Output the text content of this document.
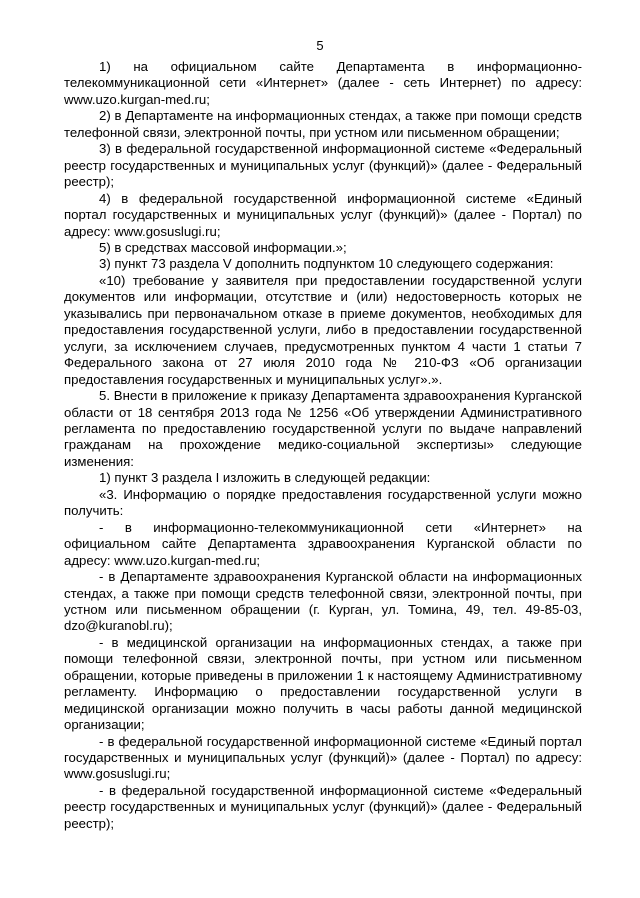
5

1) на официальном сайте Департамента в информационно-телекоммуникационной сети «Интернет» (далее - сеть Интернет) по адресу: www.uzo.kurgan-med.ru;

2) в Департаменте на информационных стендах, а также при помощи средств телефонной связи, электронной почты, при устном или письменном обращении;

3) в федеральной государственной информационной системе «Федеральный реестр государственных и муниципальных услуг (функций)» (далее - Федеральный реестр);

4) в федеральной государственной информационной системе «Единый портал государственных и муниципальных услуг (функций)» (далее - Портал) по адресу: www.gosuslugi.ru;

5) в средствах массовой информации.»;

3) пункт 73 раздела V дополнить подпунктом 10 следующего содержания:

«10) требование у заявителя при предоставлении государственной услуги документов или информации, отсутствие и (или) недостоверность которых не указывались при первоначальном отказе в приеме документов, необходимых для предоставления государственной услуги, либо в предоставлении государственной услуги, за исключением случаев, предусмотренных пунктом 4 части 1 статьи 7 Федерального закона от 27 июля 2010 года № 210-ФЗ «Об организации предоставления государственных и муниципальных услуг».».

5. Внести в приложение к приказу Департамента здравоохранения Курганской области от 18 сентября 2013 года № 1256 «Об утверждении Административного регламента по предоставлению государственной услуги по выдаче направлений гражданам на прохождение медико-социальной экспертизы» следующие изменения:

1) пункт 3 раздела I изложить в следующей редакции:

«3. Информацию о порядке предоставления государственной услуги можно получить:

- в информационно-телекоммуникационной сети «Интернет» на официальном сайте Департамента здравоохранения Курганской области по адресу: www.uzo.kurgan-med.ru;

- в Департаменте здравоохранения Курганской области на информационных стендах, а также при помощи средств телефонной связи, электронной почты, при устном или письменном обращении (г. Курган, ул. Томина, 49, тел. 49-85-03, dzo@kuranobl.ru);

- в медицинской организации на информационных стендах, а также при помощи телефонной связи, электронной почты, при устном или письменном обращении, которые приведены в приложении 1 к настоящему Административному регламенту. Информацию о предоставлении государственной услуги в медицинской организации можно получить в часы работы данной медицинской организации;

- в федеральной государственной информационной системе «Единый портал государственных и муниципальных услуг (функций)» (далее - Портал) по адресу: www.gosuslugi.ru;

- в федеральной государственной информационной системе «Федеральный реестр государственных и муниципальных услуг (функций)» (далее - Федеральный реестр);
